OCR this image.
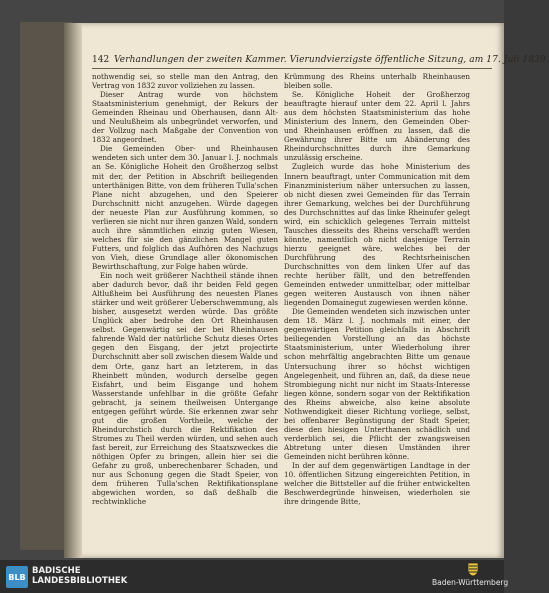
142 Verhandlungen der zweiten Kammer. Vierundvierzigste öffentliche Sitzung, am 17. Juli 1839.

nothwendig sei, so stelle man den Antrag, den Vertrag von 1832 zuvor vollziehen zu lassen.

Dieser Antrag wurde von höchstem Staatsministerium genehmigt, der Rekurs der Gemeinden Rheinau und Oberhausen, dann Alt- und Neulußheim als unbegründet verworfen, und der Vollzug nach Maßgabe der Convention von 1832 angeordnet.

Die Gemeinden Ober- und Rheinhausen wendeten sich unter dem 30. Januar l. J. nochmals an Se. Königliche Hoheit den Großherzog selbst mit der, der Petition in Abschrift beiliegenden unterthänigen Bitte, von dem früheren Tulla'schen Plane nicht abzugehen, und den Speierer Durchschnitt nicht anzugehen. Würde dagegen der neueste Plan zur Ausführung kommen, so verlieren sie nicht nur ihren ganzen Wald, sondern auch ihre sämmtlichen einzig guten Wiesen, welches für sie den gänzlichen Mangel guten Futters, und folglich das Aufhören des Nachzugs von Vieh, diese Grundlage aller ökonomischen Bewirthschaftung, zur Folge haben würde.

Ein noch weit größerer Nachtheil stände ihnen aber dadurch bevor, daß ihr beiden Feld gegen Altlußheim bei Ausführung des neuesten Planes stärker und weit größerer Ueberschwemmung, als bisher, ausgesetzt werden würde. Das größte Unglück aber bedrohe den Ort Rheinhausen selbst. Gegenwärtig sei der bei Rheinhausen fahrende Wald der natürliche Schutz dieses Ortes gegen den Eisgang, der jetzt projectirte Durchschnitt aber soll zwischen diesem Walde und dem Orte, ganz hart an letzterem, in das Rheinbett münden, wodurch derselbe gegen Eisfahrt, und beim Eisgange und hohem Wasserstande unfehlbar in die größte Gefahr gebracht, ja seinem theilweisen Untergange entgegen geführt würde. Sie erkennen zwar sehr gut die großen Vortheile, welche der Rheindurchstich durch die Rektifikation des Stromes zu Theil werden würden, und sehen auch fast bereit, zur Erreichung des Staatszweckes die nöthigen Opfer zu bringen, allein hier sei die Gefahr zu groß, unberechenbarer Schaden, und nur aus Schonung gegen die Stadt Speier, von dem früheren Tulla'schen Rektifikationsplane abgewichen worden, so daß deßhalb die rechtwinkliche

Krümmung des Rheins unterhalb Rheinhausen bleiben solle.

Se. Königliche Hoheit der Großherzog beauftragte hierauf unter dem 22. April l. Jahrs aus dem höchsten Staatsministerium das hohe Ministerium des Innern, den Gemeinden Ober- und Rheinhausen eröffnen zu lassen, daß die Gewährung ihrer Bitte um Abänderung des Rheindurchschnittes durch ihre Gemarkung unzulässig erscheine.

Zugleich wurde das hohe Ministerium des Innern beauftragt, unter Communication mit dem Finanzministerium näher untersuchen zu lassen, ob nicht diesen zwei Gemeinden für das Terrain ihrer Gemarkung, welches bei der Durchführung des Durchschnittes auf das linke Rheinufer gelegt wird, ein schicklich gelegenes Terrain mittelst Tausches diesseits des Rheins verschafft werden könnte, namentlich ob nicht dasjenige Terrain hierzu geeignet wäre, welches bei der Durchführung des Rechtsrheinischen Durchschnittes von dem linken Ufer auf das rechte herüber fällt, und den betreffenden Gemeinden entweder unmittelbar, oder mittelbar gegen weiteren Austausch von ihnen näher liegenden Domainegut zugewiesen werden könne.

Die Gemeinden wendeten sich inzwischen unter dem 18. März l. J. nochmals mit einer, der gegenwärtigen Petition gleichfalls in Abschrift beiliegenden Vorstellung an das höchste Staatsministerium, unter Wiederholung ihrer schon mehrfältig angebrachten Bitte um genaue Untersuchung ihrer so höchst wichtigen Angelegenheit, und führen an, daß, da diese neue Strombiegung nicht nur nicht im Staats-Interesse liegen könne, sondern sogar von der Rektifikation des Rheins abweiche, also keine absolute Nothwendigkeit dieser Richtung vorliege, selbst, bei offenbarer Begünstigung der Stadt Speier, diese den hiesigen Unterthanen schädlich und verderblich sei, die Pflicht der zwangsweisen Abtretung unter diesen Umständen ihrer Gemeinden nicht berühren könne.

In der auf dem gegenwärtigen Landtage in der 10. öffentlichen Sitzung eingereichten Petition, in welcher die Bittsteller auf die früher entwickelten Beschwerdegründe hinweisen, wiederholen sie ihre dringende Bitte,

BLB
BADISCHE
LANDESBIBLIOTHEK	Baden-Württemberg
